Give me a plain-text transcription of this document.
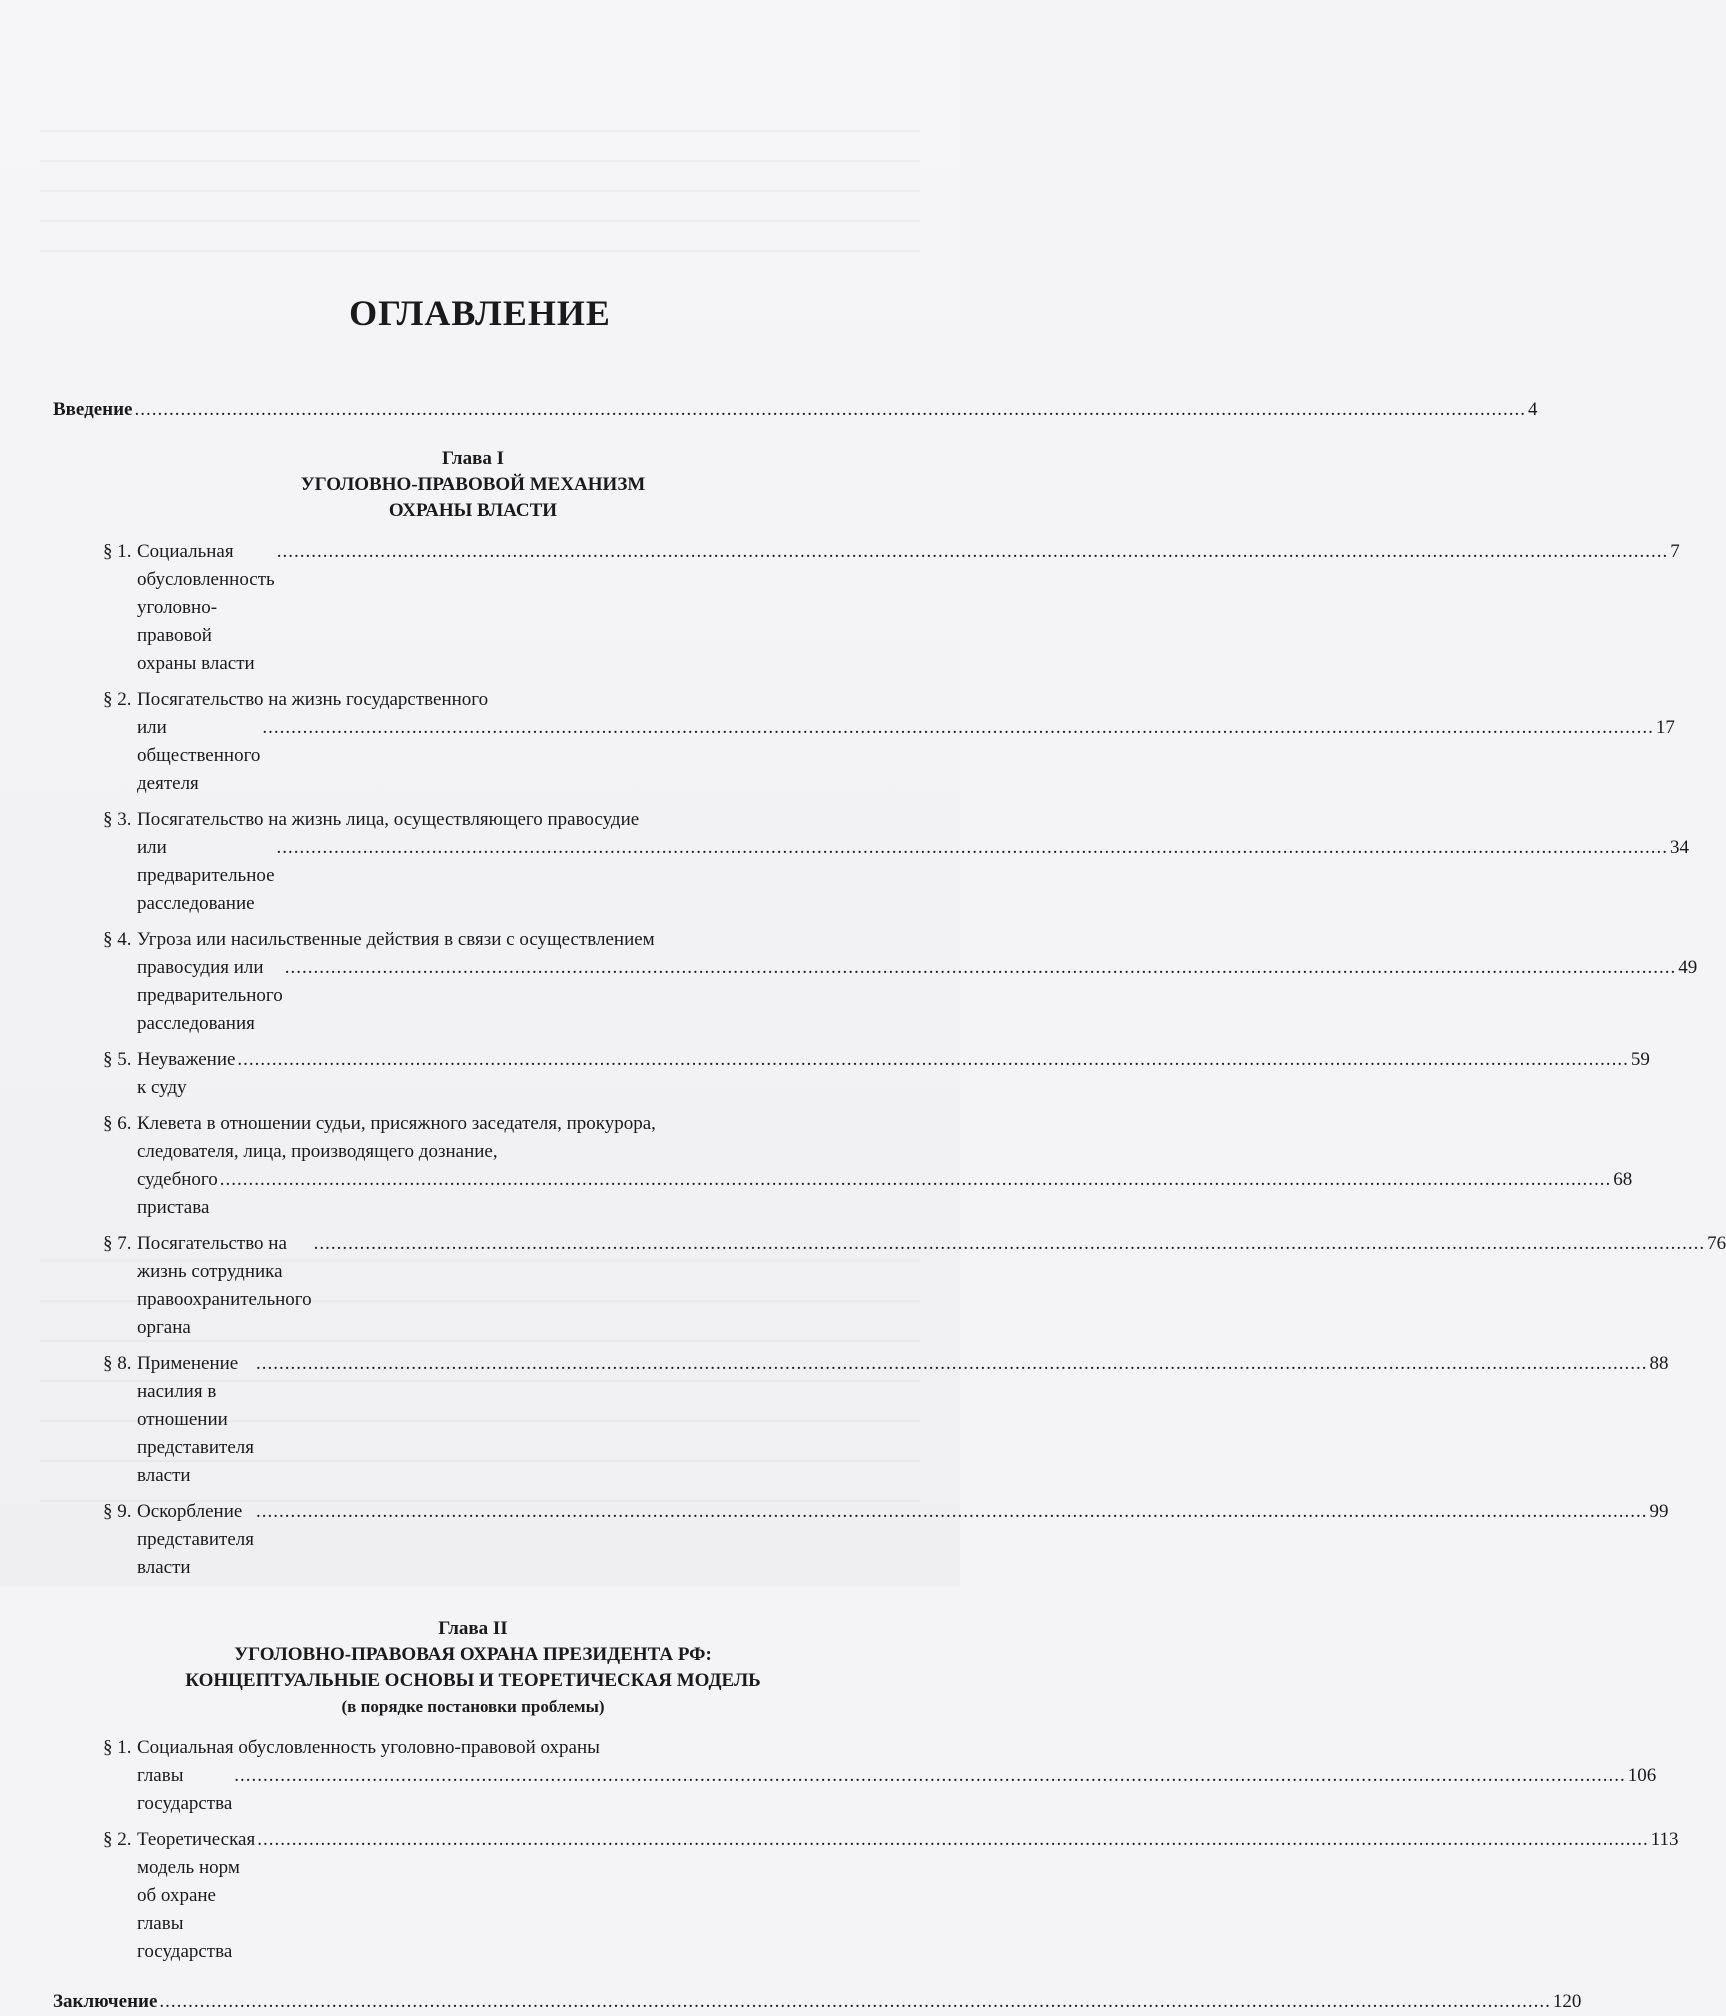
ОГЛАВЛЕНИЕ
Введение .....	4
Глава I
УГОЛОВНО-ПРАВОВОЙ МЕХАНИЗМ
ОХРАНЫ ВЛАСТИ
§ 1. Социальная обусловленность уголовно-правовой охраны власти
.....
7
§ 2. Посягательство на жизнь государственного
или общественного деятеля
.....
17
§ 3. Посягательство на жизнь лица, осуществляющего правосудие
или предварительное расследование
.....
34
§ 4. Угроза или насильственные действия в связи с осуществлением
правосудия или предварительного расследования
.....
49
§ 5. Неуважение к суду
.....
59
§ 6. Клевета в отношении судьи, присяжного заседателя, прокурора,
следователя, лица, производящего дознание,
судебного пристава
.....
68
§ 7. Посягательство на жизнь сотрудника правоохранительного органа
.....
76
§ 8. Применение насилия в отношении представителя власти
.....
88
§ 9. Оскорбление представителя власти
.....
99
Глава II
УГОЛОВНО-ПРАВОВАЯ ОХРАНА ПРЕЗИДЕНТА РФ:
КОНЦЕПТУАЛЬНЫЕ ОСНОВЫ И ТЕОРЕТИЧЕСКАЯ МОДЕЛЬ
(в порядке постановки проблемы)
§ 1. Социальная обусловленность уголовно-правовой охраны
главы государства
.....
106
§ 2. Теоретическая модель норм об охране главы государства
.....
113
Заключение .....	120
